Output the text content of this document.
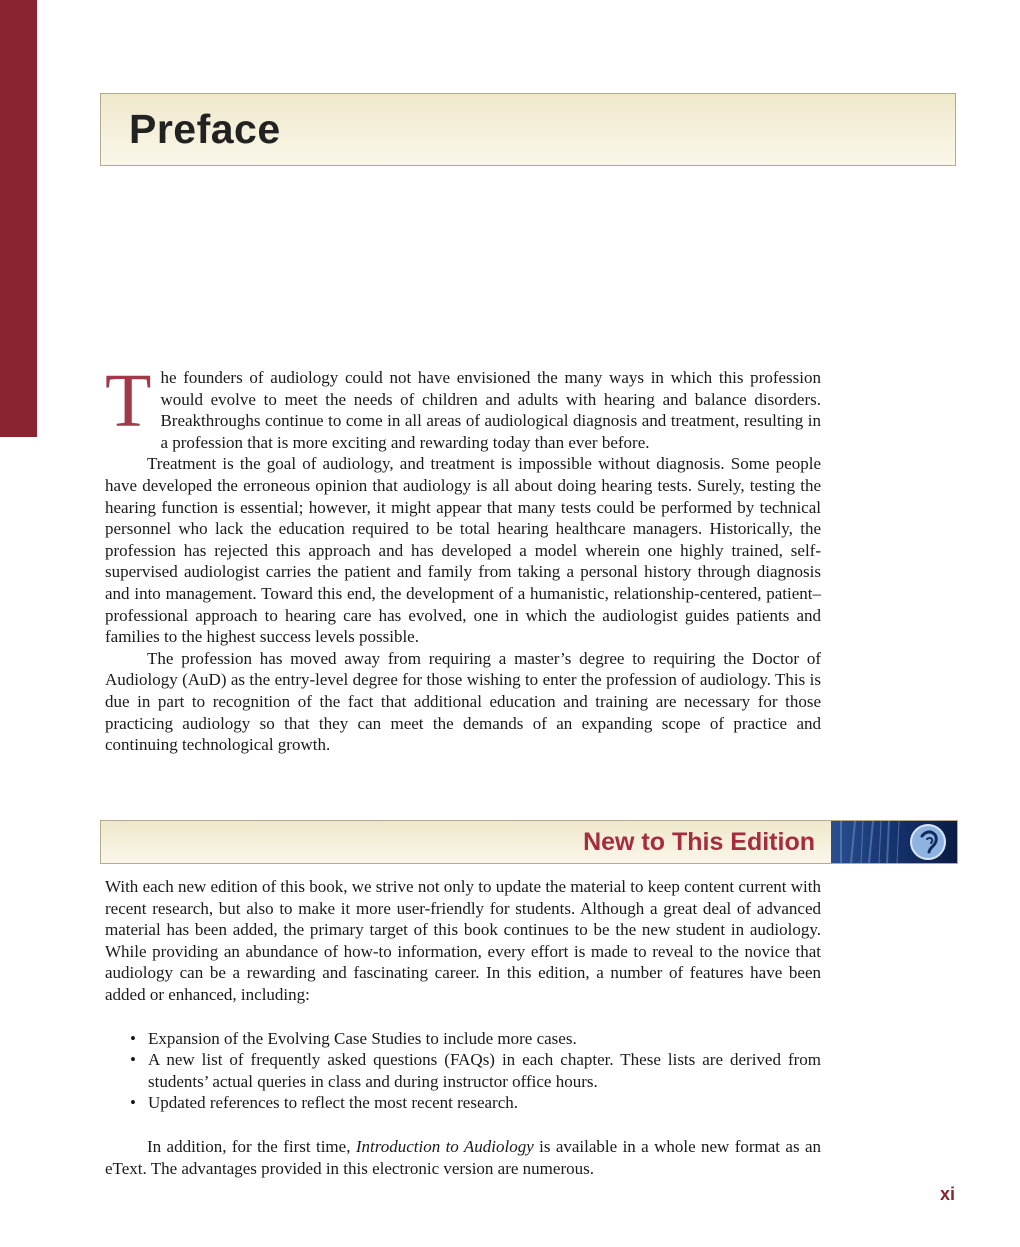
Preface

The founders of audiology could not have envisioned the many ways in which this profession would evolve to meet the needs of children and adults with hearing and balance disorders. Breakthroughs continue to come in all areas of audiological diagnosis and treatment, resulting in a profession that is more exciting and rewarding today than ever before.

Treatment is the goal of audiology, and treatment is impossible without diagnosis. Some people have developed the erroneous opinion that audiology is all about doing hearing tests. Surely, testing the hearing function is essential; however, it might appear that many tests could be performed by technical personnel who lack the education required to be total hearing healthcare managers. Historically, the profession has rejected this approach and has developed a model wherein one highly trained, self-supervised audiologist carries the patient and family from taking a personal history through diagnosis and into management. Toward this end, the development of a humanistic, relationship-centered, patient–professional approach to hearing care has evolved, one in which the audiologist guides patients and families to the highest success levels possible.

The profession has moved away from requiring a master’s degree to requiring the Doctor of Audiology (AuD) as the entry-level degree for those wishing to enter the profession of audiology. This is due in part to recognition of the fact that additional education and training are necessary for those practicing audiology so that they can meet the demands of an expanding scope of practice and continuing technological growth.

New to This Edition

With each new edition of this book, we strive not only to update the material to keep content current with recent research, but also to make it more user-friendly for students. Although a great deal of advanced material has been added, the primary target of this book continues to be the new student in audiology. While providing an abundance of how-to information, every effort is made to reveal to the novice that audiology can be a rewarding and fascinating career. In this edition, a number of features have been added or enhanced, including:

• Expansion of the Evolving Case Studies to include more cases.
• A new list of frequently asked questions (FAQs) in each chapter. These lists are derived from students’ actual queries in class and during instructor office hours.
• Updated references to reflect the most recent research.

In addition, for the first time, Introduction to Audiology is available in a whole new format as an eText. The advantages provided in this electronic version are numerous.

xi
